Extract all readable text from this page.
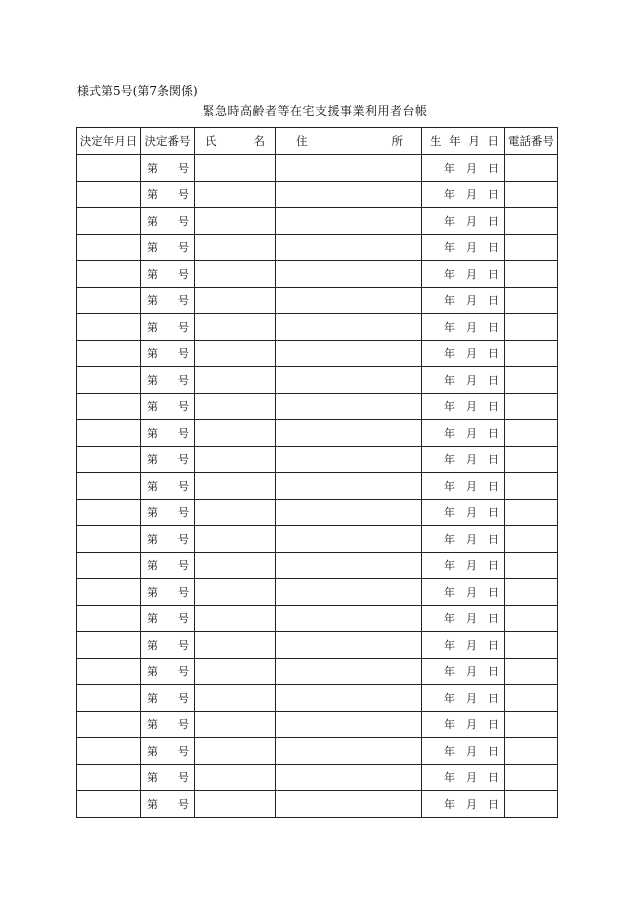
様式第5号(第7条関係)
緊急時高齢者等在宅支援事業利用者台帳
決定年月日	決定番号	氏 名	住 所	生 年 月 日	電話番号

	第 号			年 月 日	

	第 号			年 月 日	

	第 号			年 月 日	

	第 号			年 月 日	

	第 号			年 月 日	

	第 号			年 月 日	

	第 号			年 月 日	

	第 号			年 月 日	

	第 号			年 月 日	

	第 号			年 月 日	

	第 号			年 月 日	

	第 号			年 月 日	

	第 号			年 月 日	

	第 号			年 月 日	

	第 号			年 月 日	

	第 号			年 月 日	

	第 号			年 月 日	

	第 号			年 月 日	

	第 号			年 月 日	

	第 号			年 月 日	

	第 号			年 月 日	

	第 号			年 月 日	

	第 号			年 月 日	

	第 号			年 月 日	

	第 号			年 月 日	
